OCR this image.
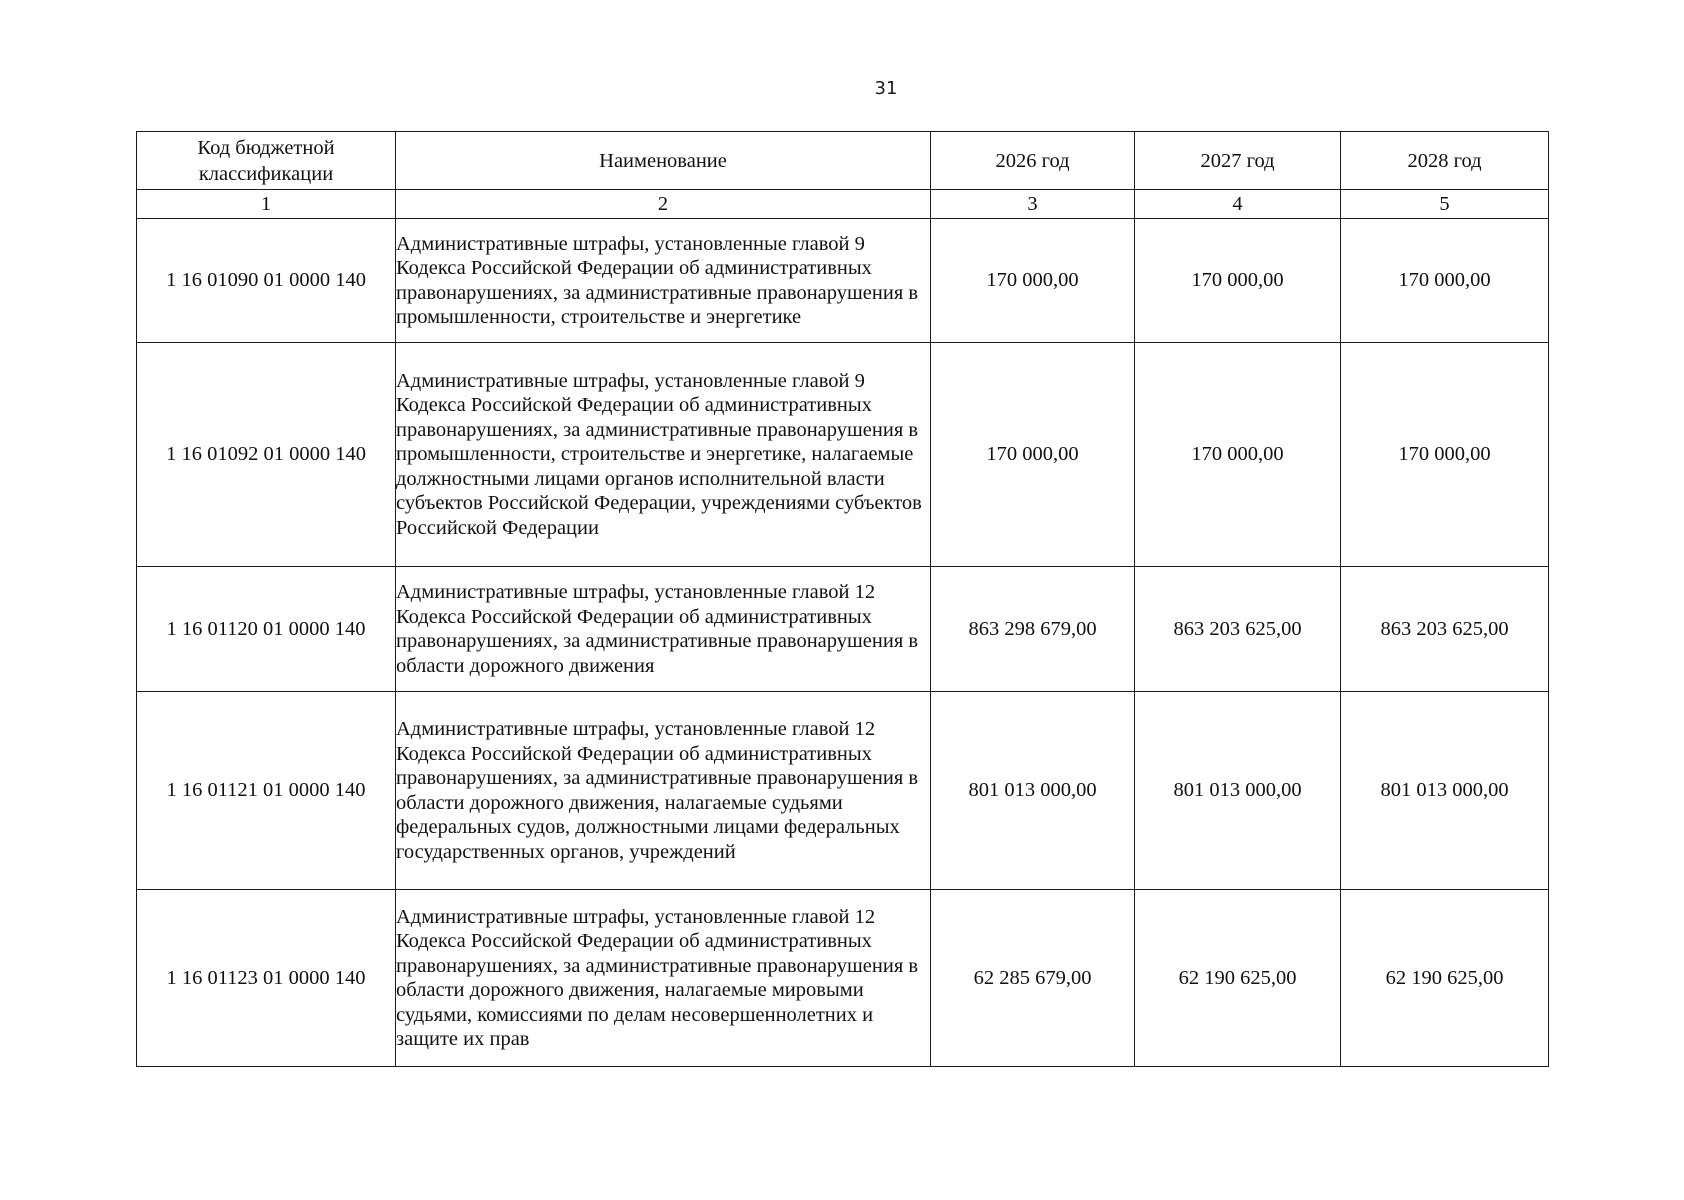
31
Код бюджетной классификации	Наименование	2026 год	2027 год	2028 год
1	2	3	4	5
1 16 01090 01 0000 140	Административные штрафы, установленные главой 9 Кодекса Российской Федерации об административных правонарушениях, за административные правонарушения в промышленности, строительстве и энергетике	170 000,00	170 000,00	170 000,00
1 16 01092 01 0000 140	Административные штрафы, установленные главой 9 Кодекса Российской Федерации об административных правонарушениях, за административные правонарушения в промышленности, строительстве и энергетике, налагаемые должностными лицами органов исполнительной власти субъектов Российской Федерации, учреждениями субъектов Российской Федерации	170 000,00	170 000,00	170 000,00
1 16 01120 01 0000 140	Административные штрафы, установленные главой 12 Кодекса Российской Федерации об административных правонарушениях, за административные правонарушения в области дорожного движения	863 298 679,00	863 203 625,00	863 203 625,00
1 16 01121 01 0000 140	Административные штрафы, установленные главой 12 Кодекса Российской Федерации об административных правонарушениях, за административные правонарушения в области дорожного движения, налагаемые судьями федеральных судов, должностными лицами федеральных государственных органов, учреждений	801 013 000,00	801 013 000,00	801 013 000,00
1 16 01123 01 0000 140	Административные штрафы, установленные главой 12 Кодекса Российской Федерации об административных правонарушениях, за административные правонарушения в области дорожного движения, налагаемые мировыми судьями, комиссиями по делам несовершеннолетних и защите их прав	62 285 679,00	62 190 625,00	62 190 625,00
